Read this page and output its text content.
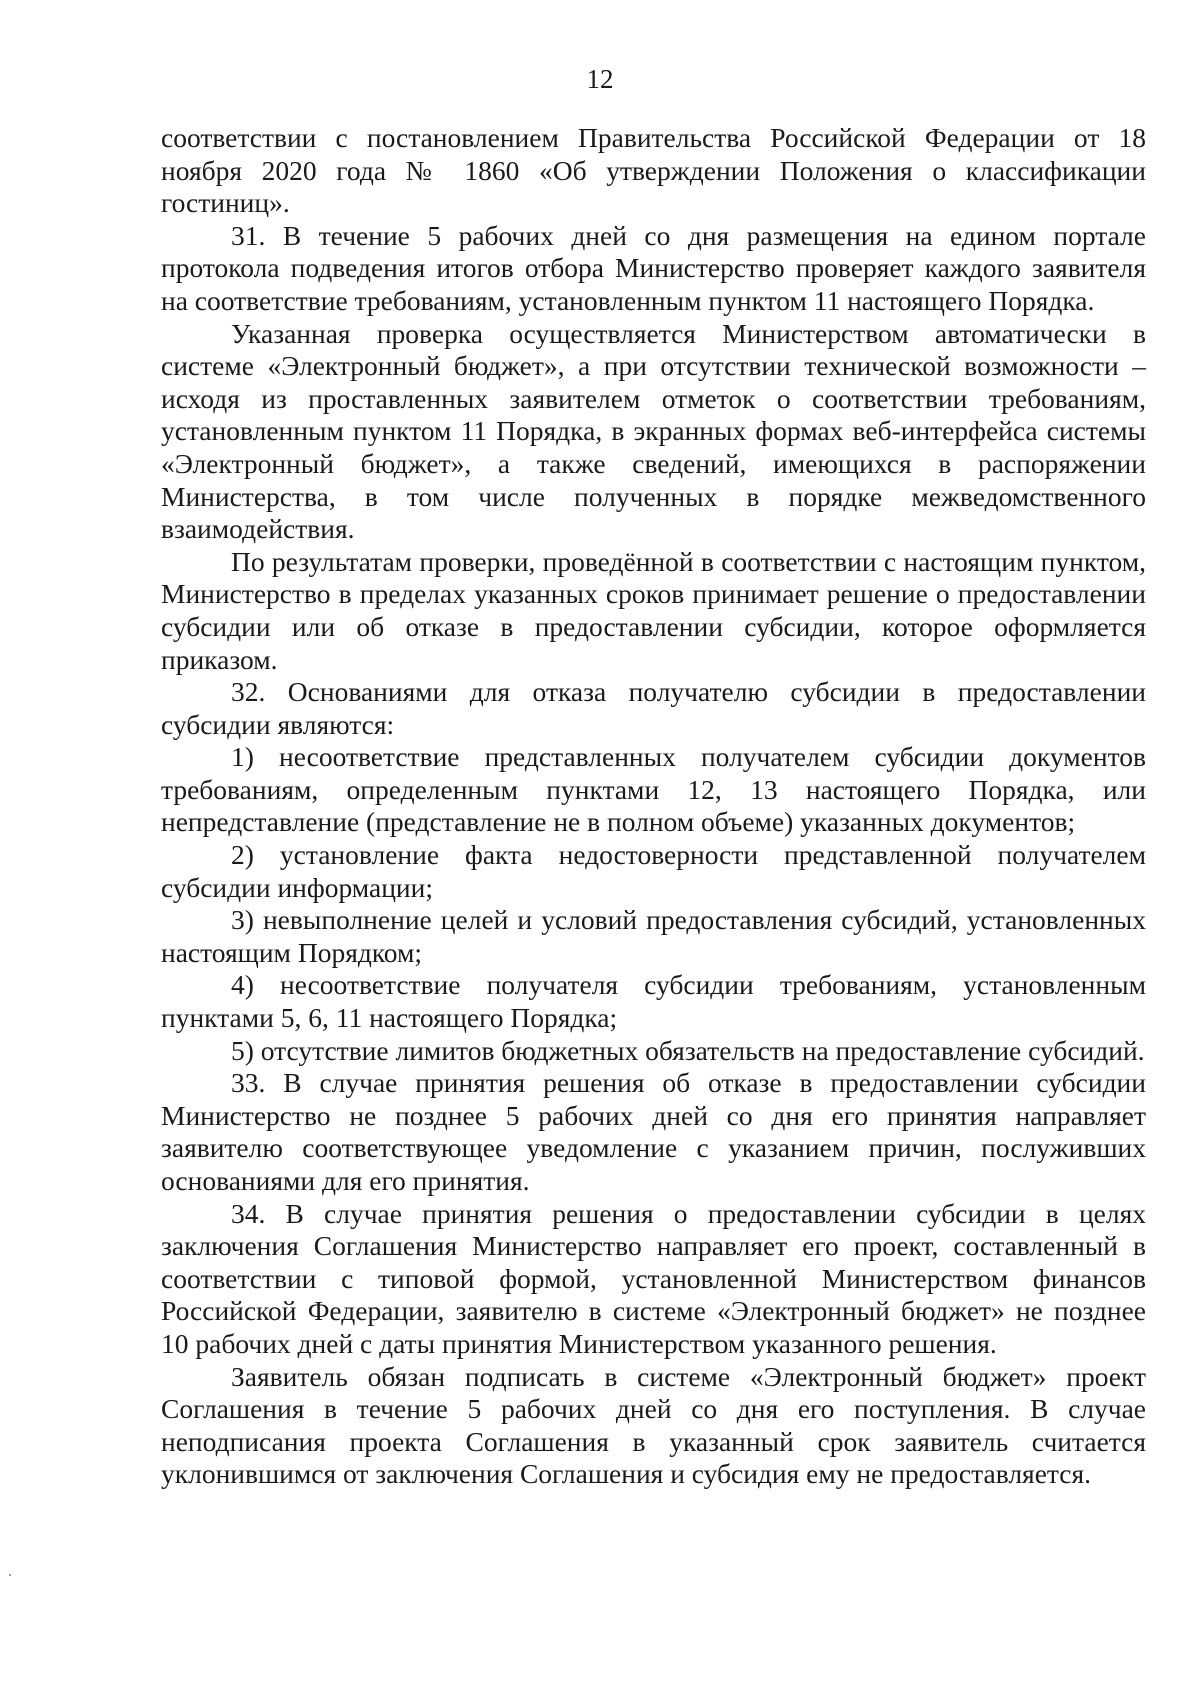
12

соответствии с постановлением Правительства Российской Федерации от 18 ноября 2020 года № 1860 «Об утверждении Положения о классификации гостиниц».

31. В течение 5 рабочих дней со дня размещения на едином портале протокола подведения итогов отбора Министерство проверяет каждого заявителя на соответствие требованиям, установленным пунктом 11 настоящего Порядка.

Указанная проверка осуществляется Министерством автоматически в системе «Электронный бюджет», а при отсутствии технической возможности – исходя из проставленных заявителем отметок о соответствии требованиям, установленным пунктом 11 Порядка, в экранных формах веб-интерфейса системы «Электронный бюджет», а также сведений, имеющихся в распоряжении Министерства, в том числе полученных в порядке межведомственного взаимодействия.

По результатам проверки, проведённой в соответствии с настоящим пунктом, Министерство в пределах указанных сроков принимает решение о предоставлении субсидии или об отказе в предоставлении субсидии, которое оформляется приказом.

32. Основаниями для отказа получателю субсидии в предоставлении субсидии являются:

1) несоответствие представленных получателем субсидии документов требованиям, определенным пунктами 12, 13 настоящего Порядка, или непредставление (представление не в полном объеме) указанных документов;

2) установление факта недостоверности представленной получателем субсидии информации;

3) невыполнение целей и условий предоставления субсидий, установленных настоящим Порядком;

4) несоответствие получателя субсидии требованиям, установленным пунктами 5, 6, 11 настоящего Порядка;

5) отсутствие лимитов бюджетных обязательств на предоставление субсидий.

33. В случае принятия решения об отказе в предоставлении субсидии Министерство не позднее 5 рабочих дней со дня его принятия направляет заявителю соответствующее уведомление с указанием причин, послуживших основаниями для его принятия.

34. В случае принятия решения о предоставлении субсидии в целях заключения Соглашения Министерство направляет его проект, составленный в соответствии с типовой формой, установленной Министерством финансов Российской Федерации, заявителю в системе «Электронный бюджет» не позднее 10 рабочих дней с даты принятия Министерством указанного решения.

Заявитель обязан подписать в системе «Электронный бюджет» проект Соглашения в течение 5 рабочих дней со дня его поступления. В случае неподписания проекта Соглашения в указанный срок заявитель считается уклонившимся от заключения Соглашения и субсидия ему не предоставляется.
